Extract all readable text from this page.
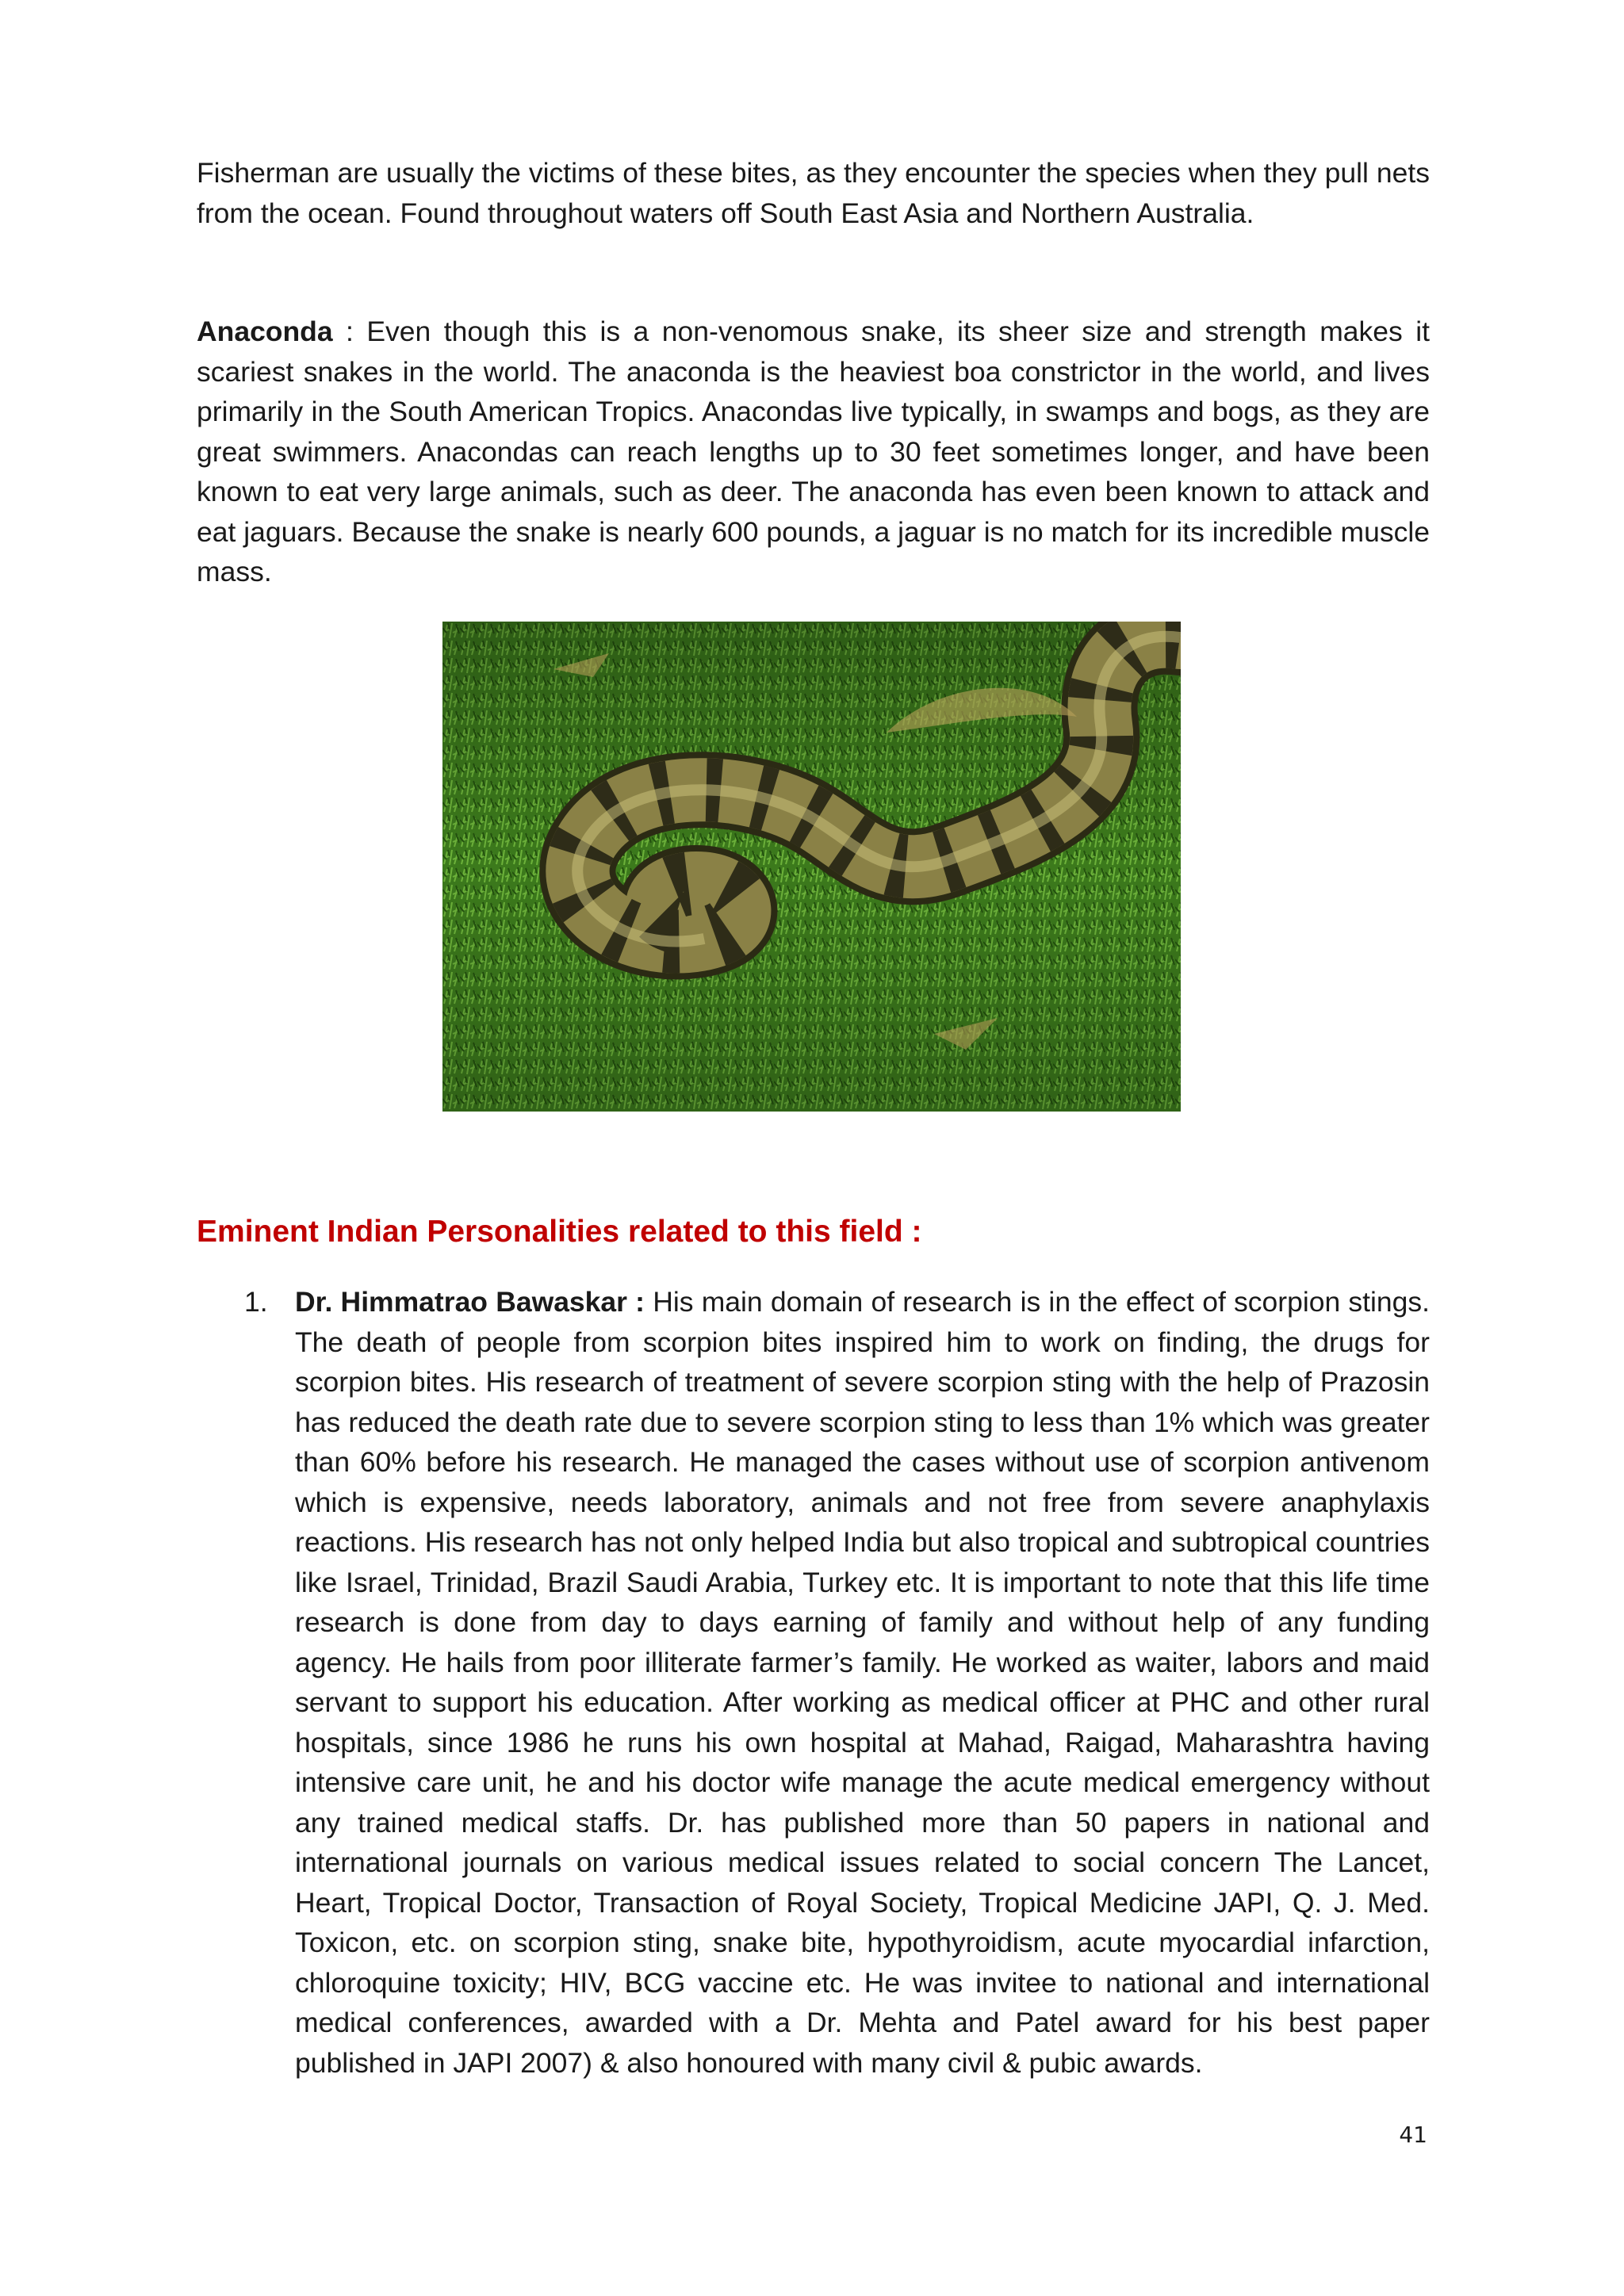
Fisherman are usually the victims of these bites, as they encounter the species when they pull nets from the ocean. Found throughout waters off South East Asia and Northern Australia.

Anaconda : Even though this is a non-venomous snake, its sheer size and strength makes it scariest snakes in the world. The anaconda is the heaviest boa constrictor in the world, and lives primarily in the South American Tropics. Anacondas live typically, in swamps and bogs, as they are great swimmers. Anacondas can reach lengths up to 30 feet sometimes longer, and have been known to eat very large animals, such as deer. The anaconda has even been known to attack and eat jaguars. Because the snake is nearly 600 pounds, a jaguar is no match for its incredible muscle mass.

Eminent Indian Personalities related to this field :
1. Dr. Himmatrao Bawaskar : His main domain of research is in the effect of scorpion stings. The death of people from scorpion bites inspired him to work on finding, the drugs for scorpion bites. His research of treatment of severe scorpion sting with the help of Prazosin has reduced the death rate due to severe scorpion sting to less than 1% which was greater than 60% before his research. He managed the cases without use of scorpion antivenom which is expensive, needs laboratory, animals and not free from severe anaphylaxis reactions. His research has not only helped India but also tropical and subtropical countries like Israel, Trinidad, Brazil Saudi Arabia, Turkey etc. It is important to note that this life time research is done from day to days earning of family and without help of any funding agency. He hails from poor illiterate farmer’s family. He worked as waiter, labors and maid servant to support his education. After working as medical officer at PHC and other rural hospitals, since 1986 he runs his own hospital at Mahad, Raigad, Maharashtra having intensive care unit, he and his doctor wife manage the acute medical emergency without any trained medical staffs. Dr. has published more than 50 papers in national and international journals on various medical issues related to social concern The Lancet, Heart, Tropical Doctor, Transaction of Royal Society, Tropical Medicine JAPI, Q. J. Med. Toxicon, etc. on scorpion sting, snake bite, hypothyroidism, acute myocardial infarction, chloroquine toxicity; HIV, BCG vaccine etc. He was invitee to national and international medical conferences, awarded with a Dr. Mehta and Patel award for his best paper published in JAPI 2007) & also honoured with many civil & pubic awards.

41
